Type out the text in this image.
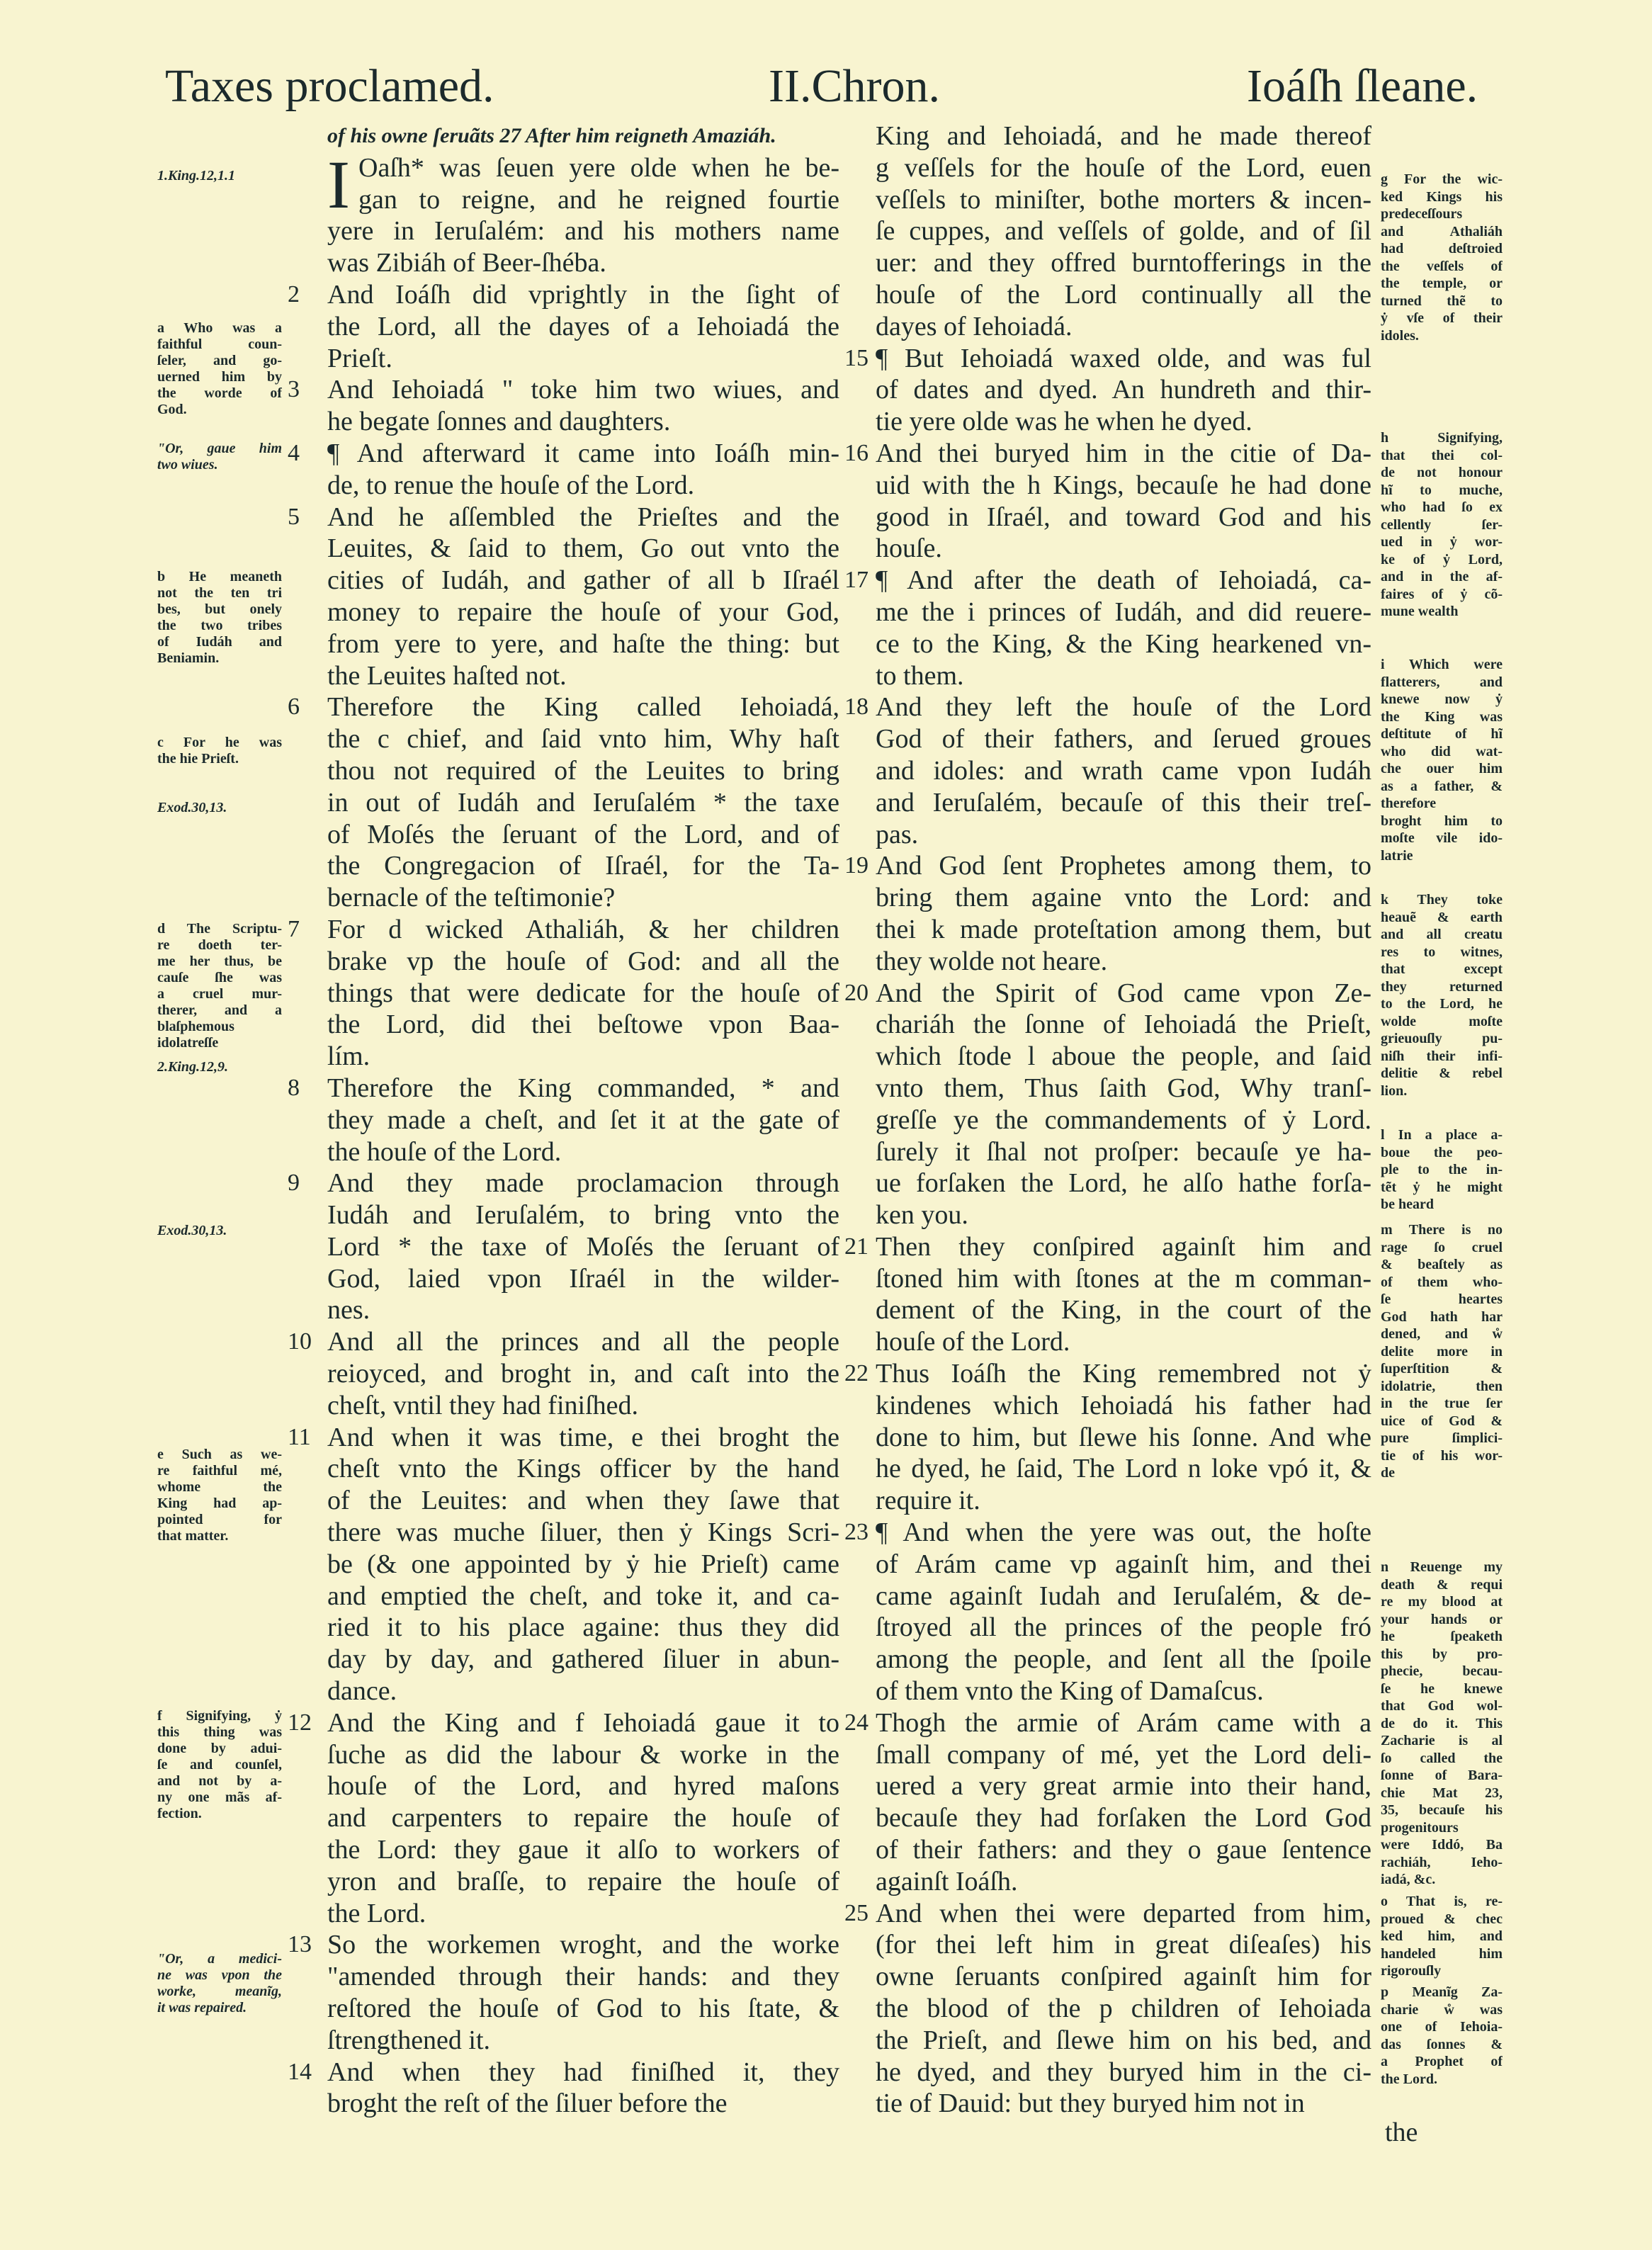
Taxes proclamed.	II.Chron.	Ioáſh ſleane.
of his owne ſeruãts 27 After him reigneth Amaziáh.
I Oaſh* was ſeuen yere olde when he be-
gan to reigne, and he reigned fourtie
yere in Ieruſalém: and his mothers name
was Zibiáh of Beer-ſhéba.
2	And Ioáſh did vprightly in the ſight of
the Lord, all the dayes of a Iehoiadá the
Prieſt.
3	And Iehoiadá " toke him two wiues, and
he begate ſonnes and daughters.
4	¶ And afterward it came into Ioáſh min-
de, to renue the houſe of the Lord.
5	And he aſſembled the Prieſtes and the
Leuites, & ſaid to them, Go out vnto the
cities of Iudáh, and gather of all b Iſraél
money to repaire the houſe of your God,
from yere to yere, and haſte the thing: but
the Leuites haſted not.
6	Therefore the King called Iehoiadá,
the c chief, and ſaid vnto him, Why haſt
thou not required of the Leuites to bring
in out of Iudáh and Ieruſalém * the taxe
of Moſés the ſeruant of the Lord, and of
the Congregacion of Iſraél, for the Ta-
bernacle of the teſtimonie?
7	For d wicked Athaliáh, & her children
brake vp the houſe of God: and all the
things that were dedicate for the houſe of
the Lord, did thei beſtowe vpon Baa-
lím.
8	Therefore the King commanded, * and
they made a cheſt, and ſet it at the gate of
the houſe of the Lord.
9	And they made proclamacion through
Iudáh and Ieruſalém, to bring vnto the
Lord * the taxe of Moſés the ſeruant of
God, laied vpon Iſraél in the wilder-
nes.
10 And all the princes and all the people
reioyced, and broght in, and caſt into the
cheſt, vntil they had finiſhed.
11 And when it was time, e thei broght the
cheſt vnto the Kings officer by the hand
of the Leuites: and when they ſawe that
there was muche ſiluer, then ẏ Kings Scri-
be (& one appointed by ẏ hie Prieſt) came
and emptied the cheſt, and toke it, and ca-
ried it to his place againe: thus they did
day by day, and gathered ſiluer in abun-
dance.
12 And the King and f Iehoiadá gaue it to
ſuche as did the labour & worke in the
houſe of the Lord, and hyred maſons
and carpenters to repaire the houſe of
the Lord: they gaue it alſo to workers of
yron and braſſe, to repaire the houſe of
the Lord.
13 So the workemen wroght, and the worke
"amended through their hands: and they
reſtored the houſe of God to his ſtate, &
ſtrengthened it.
14 And when they had finiſhed it, they
broght the reſt of the ſiluer before the
King and Iehoiadá, and he made thereof
g veſſels for the houſe of the Lord, euen
veſſels to miniſter, bothe morters & incen-
ſe cuppes, and veſſels of golde, and of ſil
uer: and they offred burntofferings in the
houſe of the Lord continually all the
dayes of Iehoiadá.
15 ¶ But Iehoiadá waxed olde, and was ful
of dates and dyed. An hundreth and thir-
tie yere olde was he when he dyed.
16 And thei buryed him in the citie of Da-
uid with the h Kings, becauſe he had done
good in Iſraél, and toward God and his
houſe.
17 ¶ And after the death of Iehoiadá, ca-
me the i princes of Iudáh, and did reuere-
ce to the King, & the King hearkened vn-
to them.
18 And they left the houſe of the Lord
God of their fathers, and ſerued groues
and idoles: and wrath came vpon Iudáh
and Ieruſalém, becauſe of this their treſ-
pas.
19 And God ſent Prophetes among them, to
bring them againe vnto the Lord: and
thei k made proteſtation among them, but
they wolde not heare.
20 And the Spirit of God came vpon Ze-
chariáh the ſonne of Iehoiadá the Prieſt,
which ſtode l aboue the people, and ſaid
vnto them, Thus ſaith God, Why tranſ-
greſſe ye the commandements of ẏ Lord.
ſurely it ſhal not proſper: becauſe ye ha-
ue forſaken the Lord, he alſo hathe forſa-
ken you.
21 Then they conſpired againſt him and
ſtoned him with ſtones at the m comman-
dement of the King, in the court of the
houſe of the Lord.
22 Thus Ioáſh the King remembred not ẏ
kindenes which Iehoiadá his father had
done to him, but ſlewe his ſonne. And whe
he dyed, he ſaid, The Lord n loke vpó it, &
require it.
23 ¶ And when the yere was out, the hoſte
of Arám came vp againſt him, and thei
came againſt Iudah and Ieruſalém, & de-
ſtroyed all the princes of the people fró
among the people, and ſent all the ſpoile
of them vnto the King of Damaſcus.
24 Thogh the armie of Arám came with a
ſmall company of mé, yet the Lord deli-
uered a very great armie into their hand,
becauſe they had forſaken the Lord God
of their fathers: and they o gaue ſentence
againſt Ioáſh.
25 And when thei were departed from him,
(for thei left him in great diſeaſes) his
owne ſeruants conſpired againſt him for
the blood of the p children of Iehoiada
the Prieſt, and ſlewe him on his bed, and
he dyed, and they buryed him in the ci-
tie of Dauid: but they buryed him not in
the
1.King.12,1.1
a Who was a
faithful coun-
ſeler, and go-
uerned him by
the worde of
God.
"Or, gaue him
two wiues.
b He meaneth
not the ten tri
bes, but onely
the two tribes
of Iudáh and
Beniamin.
c For he was
the hie Prieſt.
Exod.30,13.
d The Scriptu-
re doeth ter-
me her thus, be
cauſe ſhe was
a cruel mur-
therer, and a
blaſphemous
idolatreſſe
2.King.12,9.
Exod.30,13.
e Such as we-
re faithful mé,
whome the
King had ap-
pointed for
that matter.
f Signifying, ẏ
this thing was
done by adui-
ſe and counſel,
and not by a-
ny one mãs af-
fection.
"Or, a medici-
ne was vpon the
worke, meanĩg,
it was repaired.
g For the wic-
ked Kings his
predeceſſours
and Athaliáh
had deſtroied
the veſſels of
the temple, or
turned thẽ to
ẏ vſe of their
idoles.
h Signifying,
that thei col-
de not honour
hĩ to muche,
who had ſo ex
cellently ſer-
ued in ẏ wor-
ke of ẏ Lord,
and in the af-
faires of ẏ cõ-
mune wealth
i Which were
flatterers, and
knewe now ẏ
the King was
deſtitute of hĩ
who did wat-
che ouer him
as a father, &
therefore
broght him to
moſte vile ido-
latrie
k They toke
heauẽ & earth
and all creatu
res to witnes,
that except
they returned
to the Lord, he
wolde moſte
grieuouſly pu-
niſh their infi-
delitie & rebel
lion.
l In a place a-
boue the peo-
ple to the in-
tẽt ẏ he might
be heard
m There is no
rage ſo cruel
& beaſtely as
of them who-
ſe heartes
God hath har
dened, and ẘ
delite more in
ſuperſtition &
idolatrie, then
in the true ſer
uice of God &
pure ſimplici-
tie of his wor-
de
n Reuenge my
death & requi
re my blood at
your hands or
he ſpeaketh
this by pro-
phecie, becau-
ſe he knewe
that God wol-
de do it. This
Zacharie is al
ſo called the
ſonne of Bara-
chie Mat 23,
35, becauſe his
progenitours
were Iddó, Ba
rachiáh, Ieho-
iadá, &c.
o That is, re-
proued & chec
ked him, and
handeled him
rigorouſly
p Meanĩg Za-
charie ẘ was
one of Iehoia-
das ſonnes &
a Prophet of
the Lord.
